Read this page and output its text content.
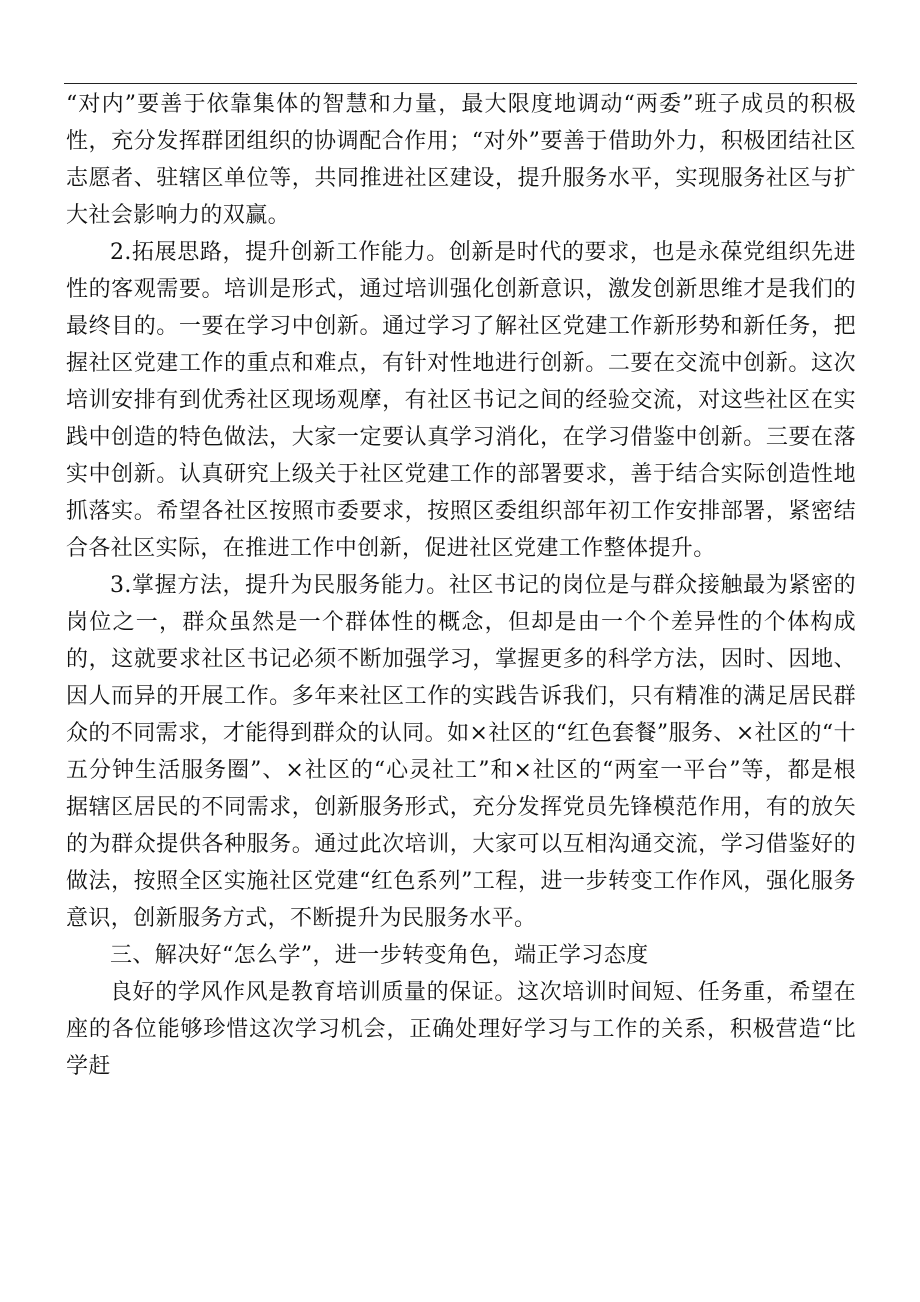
“对内”要善于依靠集体的智慧和力量，最大限度地调动“两委”班子成员的积极性，充分发挥群团组织的协调配合作用；“对外”要善于借助外力，积极团结社区志愿者、驻辖区单位等，共同推进社区建设，提升服务水平，实现服务社区与扩大社会影响力的双赢。

2.拓展思路，提升创新工作能力。创新是时代的要求，也是永葆党组织先进性的客观需要。培训是形式，通过培训强化创新意识，激发创新思维才是我们的最终目的。一要在学习中创新。通过学习了解社区党建工作新形势和新任务，把握社区党建工作的重点和难点，有针对性地进行创新。二要在交流中创新。这次培训安排有到优秀社区现场观摩，有社区书记之间的经验交流，对这些社区在实践中创造的特色做法，大家一定要认真学习消化，在学习借鉴中创新。三要在落实中创新。认真研究上级关于社区党建工作的部署要求，善于结合实际创造性地抓落实。希望各社区按照市委要求，按照区委组织部年初工作安排部署，紧密结合各社区实际，在推进工作中创新，促进社区党建工作整体提升。

3.掌握方法，提升为民服务能力。社区书记的岗位是与群众接触最为紧密的岗位之一，群众虽然是一个群体性的概念，但却是由一个个差异性的个体构成的，这就要求社区书记必须不断加强学习，掌握更多的科学方法，因时、因地、因人而异的开展工作。多年来社区工作的实践告诉我们，只有精准的满足居民群众的不同需求，才能得到群众的认同。如×社区的“红色套餐”服务、×社区的“十五分钟生活服务圈”、×社区的“心灵社工”和×社区的“两室一平台”等，都是根据辖区居民的不同需求，创新服务形式，充分发挥党员先锋模范作用，有的放矢的为群众提供各种服务。通过此次培训，大家可以互相沟通交流，学习借鉴好的做法，按照全区实施社区党建“红色系列”工程，进一步转变工作作风，强化服务意识，创新服务方式，不断提升为民服务水平。

三、解决好“怎么学”，进一步转变角色，端正学习态度

良好的学风作风是教育培训质量的保证。这次培训时间短、任务重，希望在座的各位能够珍惜这次学习机会，正确处理好学习与工作的关系，积极营造“比学赶
